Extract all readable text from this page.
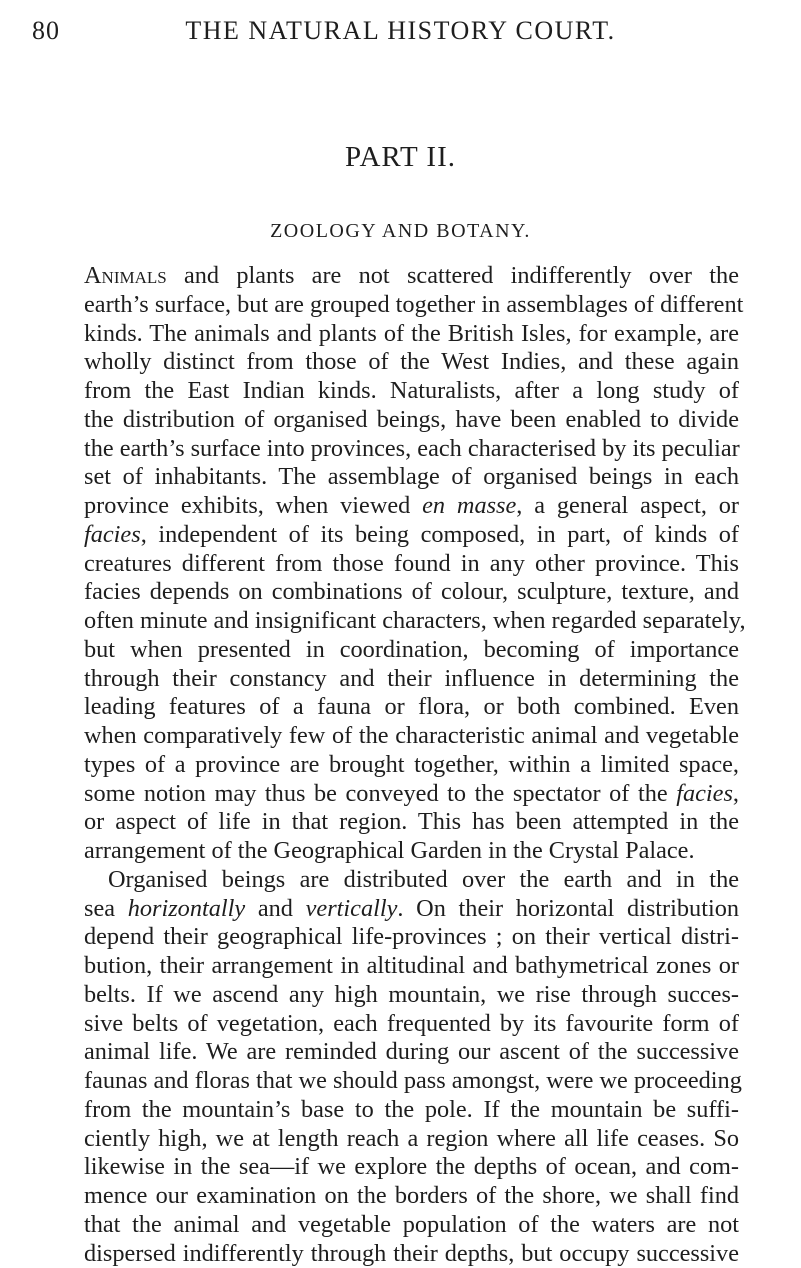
80	THE NATURAL HISTORY COURT.
PART II.
ZOOLOGY AND BOTANY.
Animals and plants are not scattered indifferently over the
earth’s surface, but are grouped together in assemblages of different
kinds. The animals and plants of the British Isles, for example, are
wholly distinct from those of the West Indies, and these again
from the East Indian kinds. Naturalists, after a long study of
the distribution of organised beings, have been enabled to divide
the earth’s surface into provinces, each characterised by its peculiar
set of inhabitants. The assemblage of organised beings in each
province exhibits, when viewed en masse, a general aspect, or
facies, independent of its being composed, in part, of kinds of
creatures different from those found in any other province. This
facies depends on combinations of colour, sculpture, texture, and
often minute and insignificant characters, when regarded separately,
but when presented in coordination, becoming of importance
through their constancy and their influence in determining the
leading features of a fauna or flora, or both combined. Even
when comparatively few of the characteristic animal and vegetable
types of a province are brought together, within a limited space,
some notion may thus be conveyed to the spectator of the facies,
or aspect of life in that region. This has been attempted in the
arrangement of the Geographical Garden in the Crystal Palace.
Organised beings are distributed over the earth and in the
sea horizontally and vertically. On their horizontal distribution
depend their geographical life-provinces ; on their vertical distri-
bution, their arrangement in altitudinal and bathymetrical zones or
belts. If we ascend any high mountain, we rise through succes-
sive belts of vegetation, each frequented by its favourite form of
animal life. We are reminded during our ascent of the successive
faunas and floras that we should pass amongst, were we proceeding
from the mountain’s base to the pole. If the mountain be suffi-
ciently high, we at length reach a region where all life ceases. So
likewise in the sea—if we explore the depths of ocean, and com-
mence our examination on the borders of the shore, we shall find
that the animal and vegetable population of the waters are not
dispersed indifferently through their depths, but occupy successive
